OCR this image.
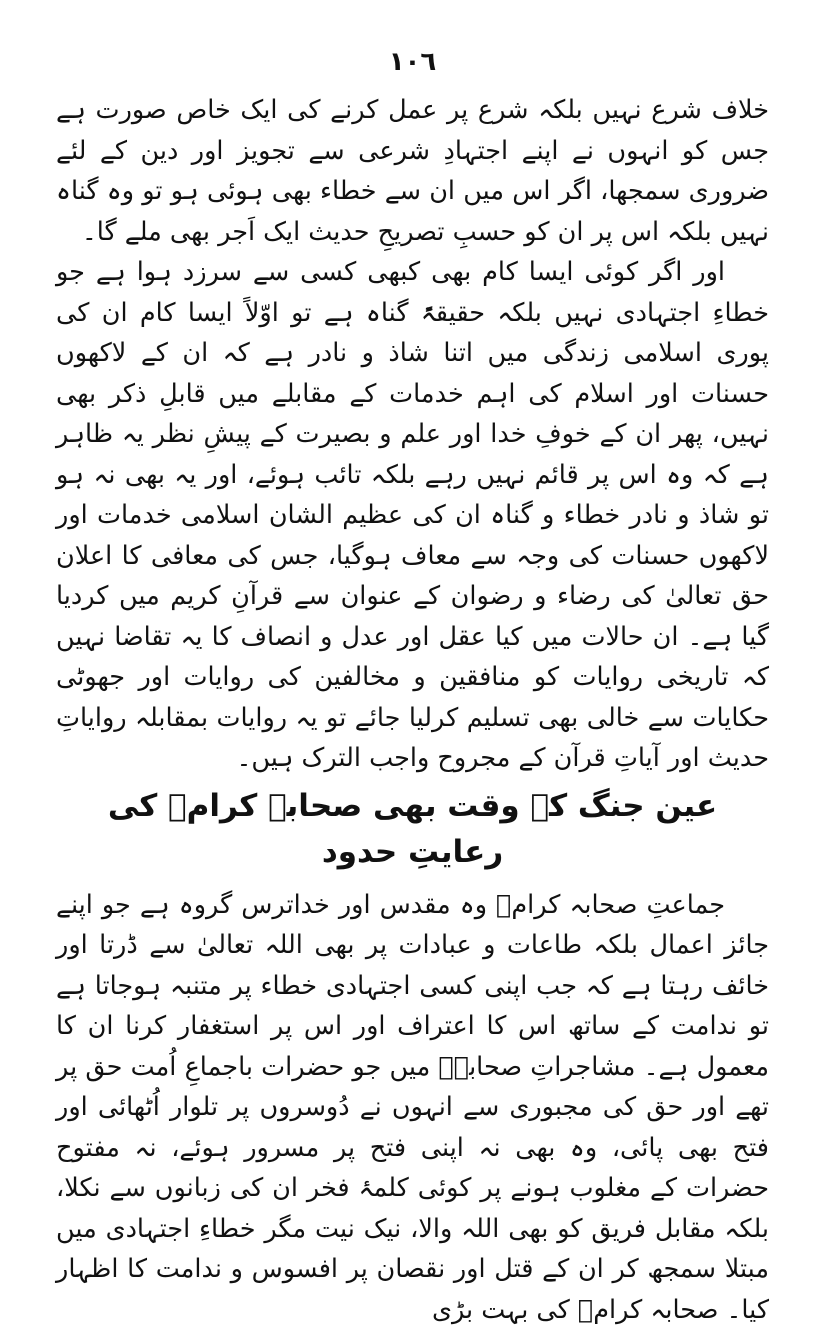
١٠٦

خلاف شرع نہیں بلکہ شرع پر عمل کرنے کی ایک خاص صورت ہے جس کو انہوں نے اپنے اجتہادِ شرعی سے تجویز اور دین کے لئے ضروری سمجھا، اگر اس میں ان سے خطاء بھی ہوئی ہو تو وہ گناہ نہیں بلکہ اس پر ان کو حسبِ تصریحِ حدیث ایک اَجر بھی ملے گا۔

اور اگر کوئی ایسا کام بھی کبھی کسی سے سرزد ہوا ہے جو خطاءِ اجتہادی نہیں بلکہ حقیقۃً گناہ ہے تو اوّلاً ایسا کام ان کی پوری اسلامی زندگی میں اتنا شاذ و نادر ہے کہ ان کے لاکھوں حسنات اور اسلام کی اہم خدمات کے مقابلے میں قابلِ ذکر بھی نہیں، پھر ان کے خوفِ خدا اور علم و بصیرت کے پیشِ نظر یہ ظاہر ہے کہ وہ اس پر قائم نہیں رہے بلکہ تائب ہوئے، اور یہ بھی نہ ہو تو شاذ و نادر خطاء و گناہ ان کی عظیم الشان اسلامی خدمات اور لاکھوں حسنات کی وجہ سے معاف ہوگیا، جس کی معافی کا اعلان حق تعالیٰ کی رضاء و رضوان کے عنوان سے قرآنِ کریم میں کردیا گیا ہے۔ ان حالات میں کیا عقل اور عدل و انصاف کا یہ تقاضا نہیں کہ تاریخی روایات کو منافقین و مخالفین کی روایات اور جھوٹی حکایات سے خالی بھی تسلیم کرلیا جائے تو یہ روایات بمقابلہ روایاتِ حدیث اور آیاتِ قرآن کے مجروح واجب الترک ہیں۔

عین جنگ کے وقت بھی صحابہ کرامؓ کی رعایتِ حدود

جماعتِ صحابہ کرامؓ وہ مقدس اور خداترس گروہ ہے جو اپنے جائز اعمال بلکہ طاعات و عبادات پر بھی اللہ تعالیٰ سے ڈرتا اور خائف رہتا ہے کہ جب اپنی کسی اجتہادی خطاء پر متنبہ ہوجاتا ہے تو ندامت کے ساتھ اس کا اعتراف اور اس پر استغفار کرنا ان کا معمول ہے۔ مشاجراتِ صحابہؓ میں جو حضرات باجماعِ اُمت حق پر تھے اور حق کی مجبوری سے انہوں نے دُوسروں پر تلوار اُٹھائی اور فتح بھی پائی، وہ بھی نہ اپنی فتح پر مسرور ہوئے، نہ مفتوح حضرات کے مغلوب ہونے پر کوئی کلمۂ فخر ان کی زبانوں سے نکلا، بلکہ مقابل فریق کو بھی اللہ والا، نیک نیت مگر خطاءِ اجتہادی میں مبتلا سمجھ کر ان کے قتل اور نقصان پر افسوس و ندامت کا اظہار کیا۔ صحابہ کرامؓ کی بہت بڑی
